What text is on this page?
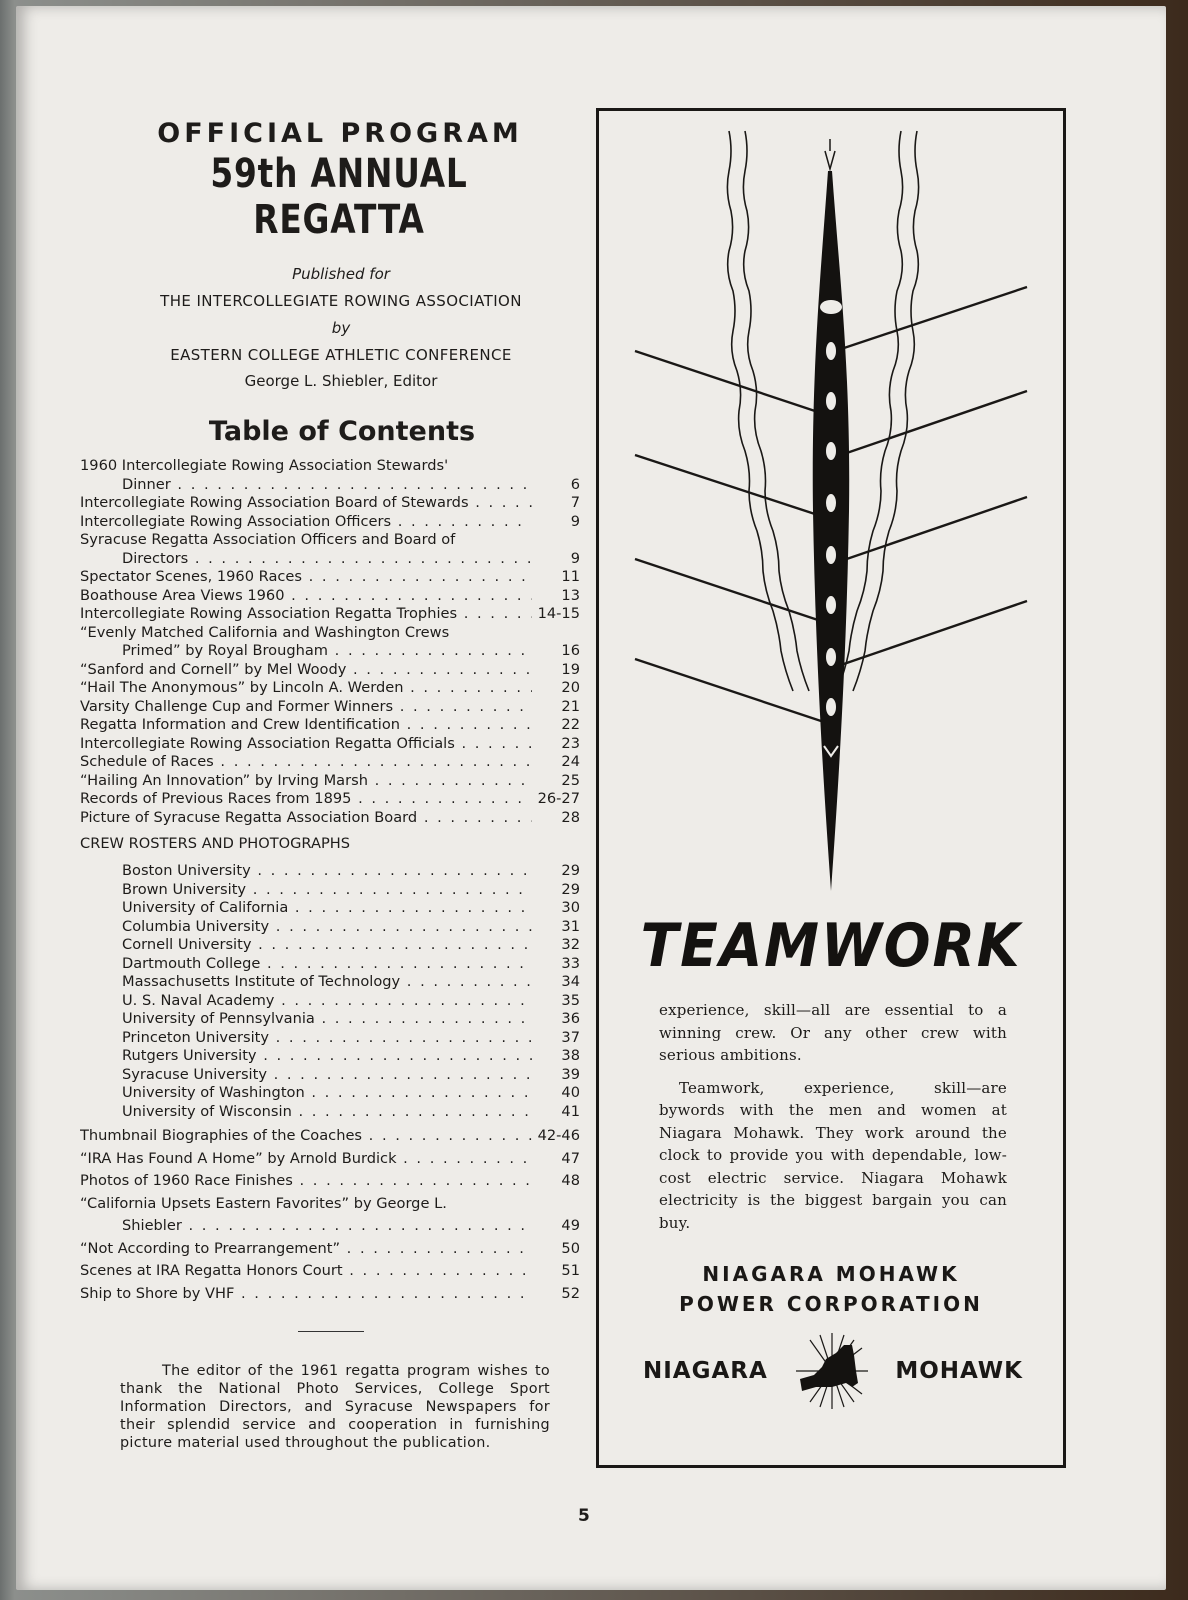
OFFICIAL PROGRAM
59th ANNUAL REGATTA
Published for
THE INTERCOLLEGIATE ROWING ASSOCIATION
by
EASTERN COLLEGE ATHLETIC CONFERENCE
George L. Shiebler, Editor
Table of Contents
1960 Intercollegiate Rowing Association Stewards'
Dinner . .	6
Intercollegiate Rowing Association Board of Stewards . .	7
Intercollegiate Rowing Association Officers . .	9
Syracuse Regatta Association Officers and Board of
Directors . .	9
Spectator Scenes, 1960 Races . .	11
Boathouse Area Views 1960 . .	13
Intercollegiate Rowing Association Regatta Trophies . .	14-15
“Evenly Matched California and Washington Crews
Primed” by Royal Brougham . .	16
“Sanford and Cornell” by Mel Woody . .	19
“Hail The Anonymous” by Lincoln A. Werden . .	20
Varsity Challenge Cup and Former Winners . .	21
Regatta Information and Crew Identification . .	22
Intercollegiate Rowing Association Regatta Officials . .	23
Schedule of Races . .	24
“Hailing An Innovation” by Irving Marsh . .	25
Records of Previous Races from 1895 . .	26-27
Picture of Syracuse Regatta Association Board . .	28
CREW ROSTERS AND PHOTOGRAPHS
Boston University . .	29
Brown University . .	29
University of California . .	30
Columbia University . .	31
Cornell University . .	32
Dartmouth College . .	33
Massachusetts Institute of Technology . .	34
U. S. Naval Academy . .	35
University of Pennsylvania . .	36
Princeton University . .	37
Rutgers University . .	38
Syracuse University . .	39
University of Washington . .	40
University of Wisconsin . .	41
Thumbnail Biographies of the Coaches . .	42-46
“IRA Has Found A Home” by Arnold Burdick . .	47
Photos of 1960 Race Finishes . .	48
“California Upsets Eastern Favorites” by George L.
Shiebler . .	49
“Not According to Prearrangement” . .	50
Scenes at IRA Regatta Honors Court . .	51
Ship to Shore by VHF . .	52
The editor of the 1961 regatta program wishes to thank the National Photo Services, College Sport Information Directors, and Syracuse Newspapers for their splendid service and cooperation in furnishing picture material used throughout the publication.
5
TEAMWORK

experience, skill—all are essential to a winning crew. Or any other crew with serious ambitions.

Teamwork, experience, skill—are bywords with the men and women at Niagara Mohawk. They work around the clock to provide you with dependable, low-cost electric service. Niagara Mohawk electricity is the biggest bargain you can buy.

NIAGARA MOHAWK
POWER CORPORATION
NIAGARA	MOHAWK
